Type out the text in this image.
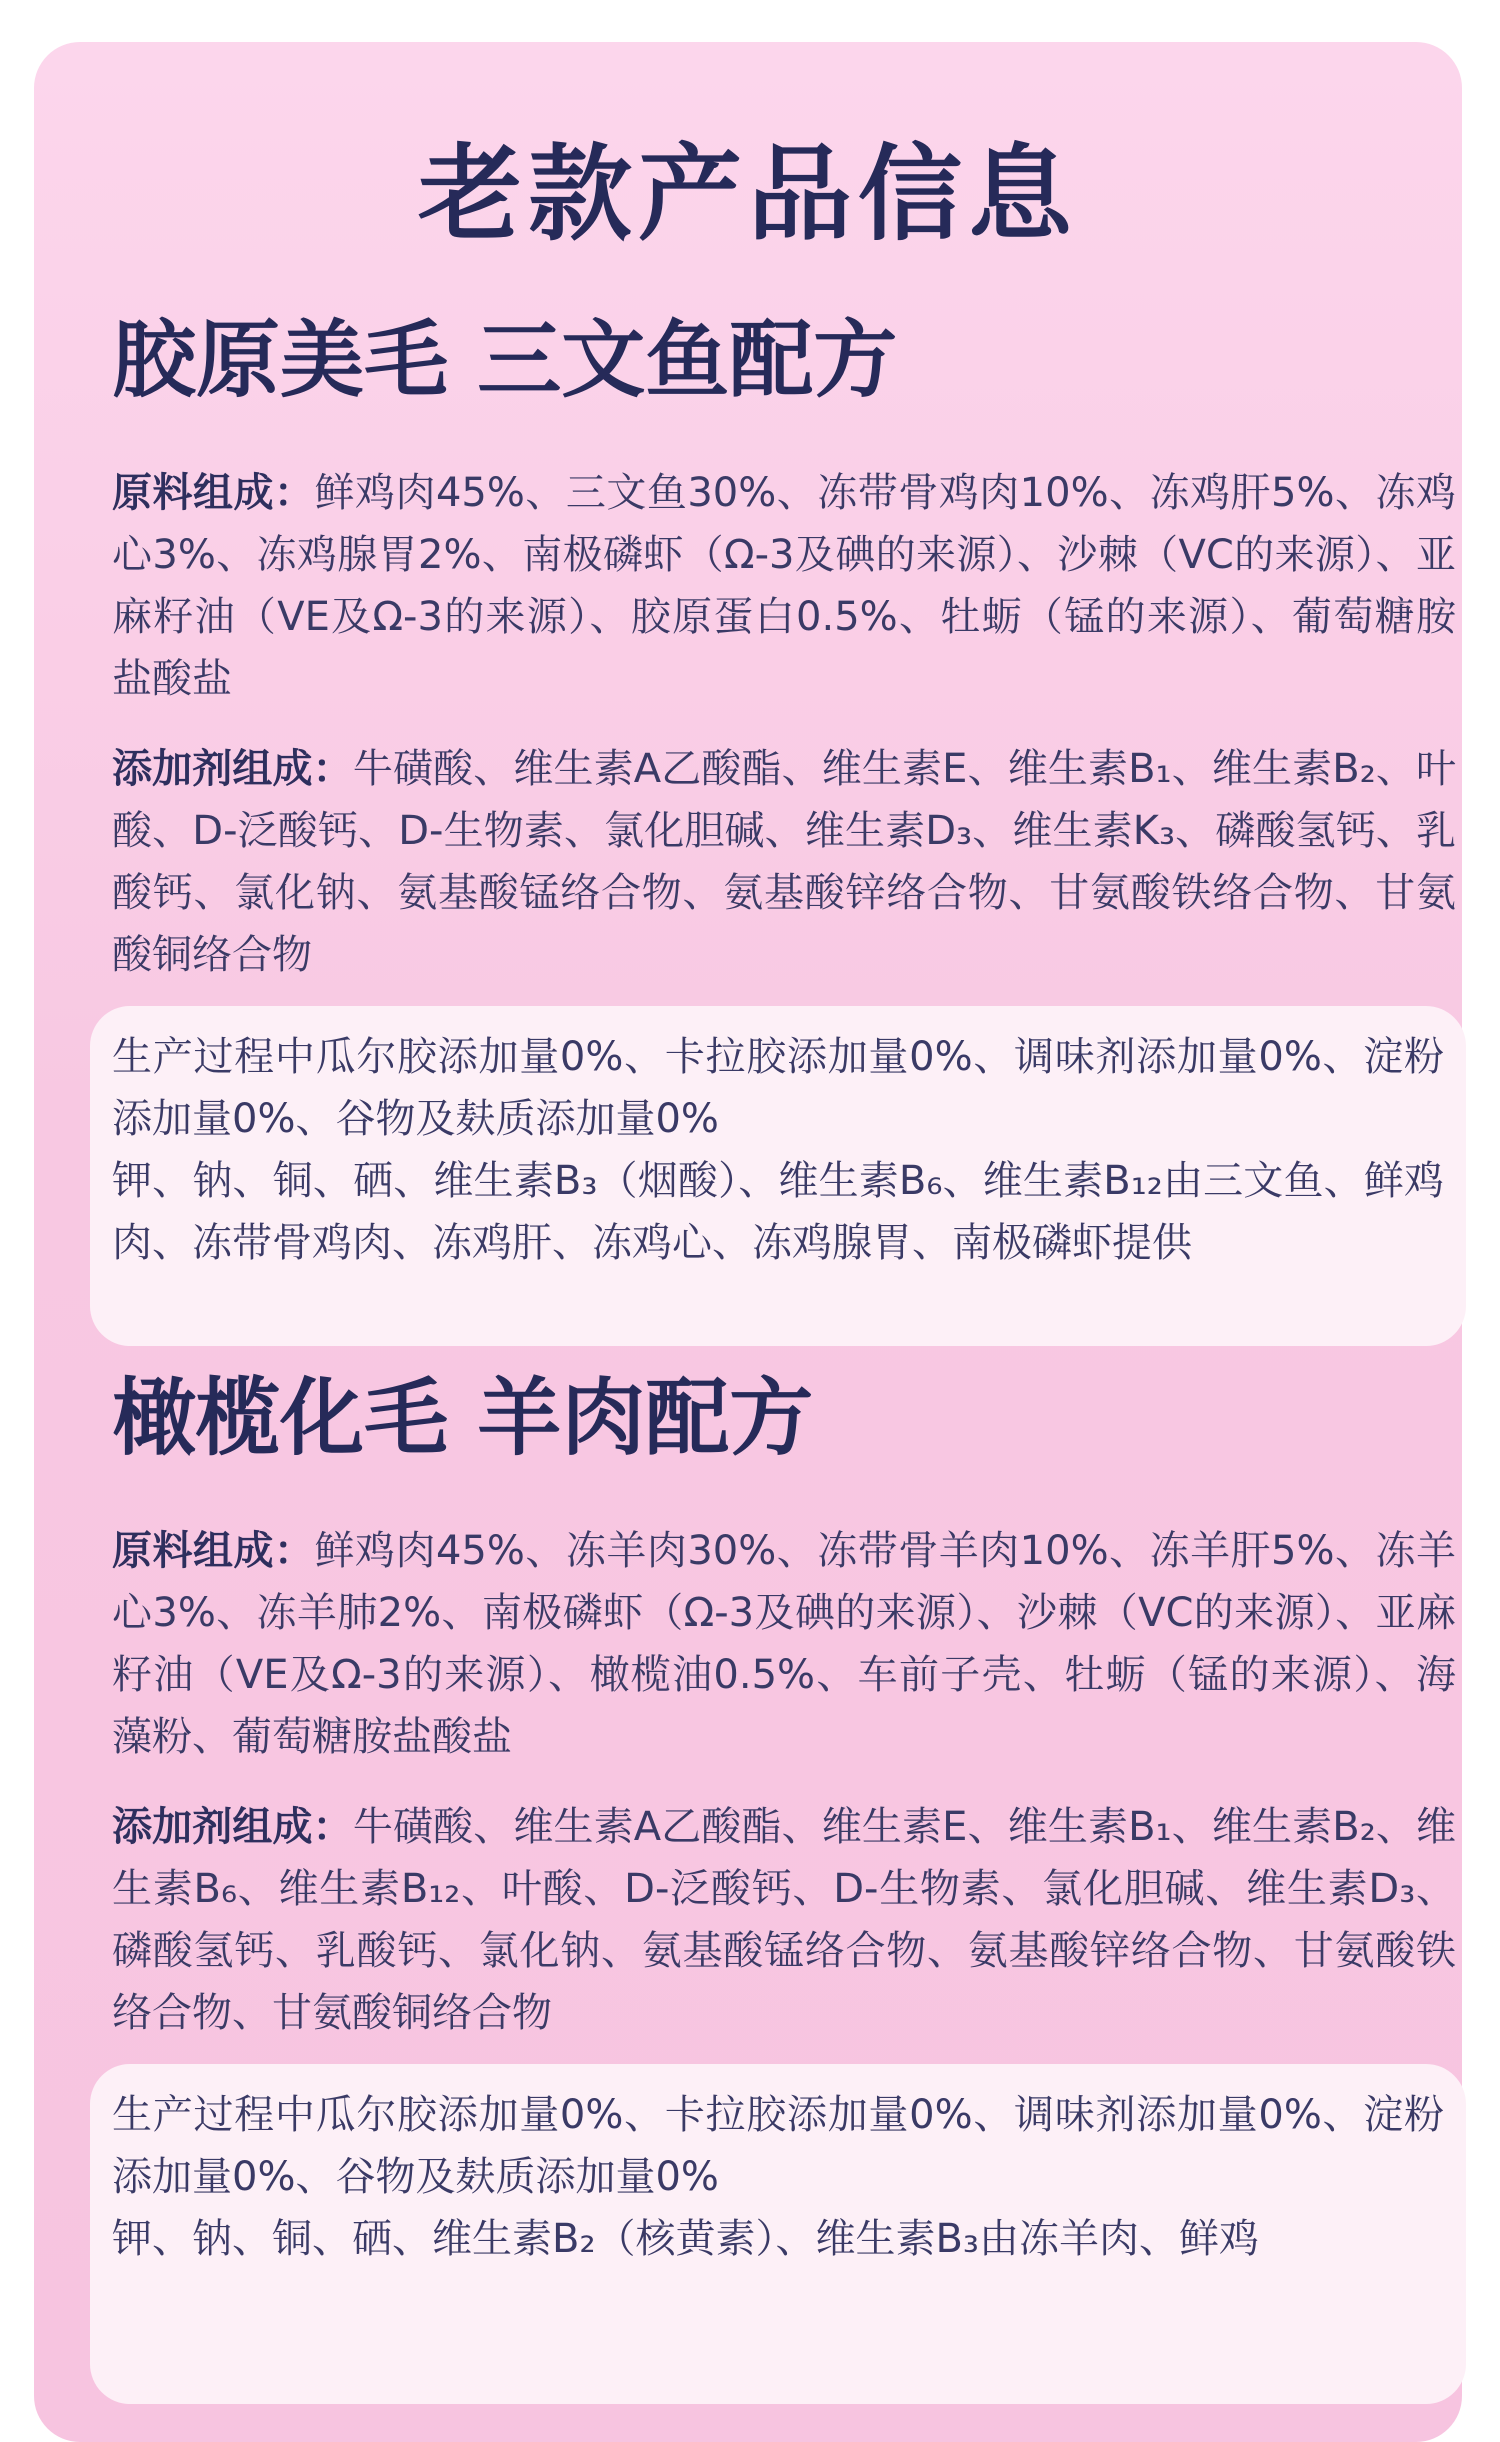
老款产品信息
胶原美毛 三文鱼配方

原料组成：鲜鸡肉45%、三文鱼30%、冻带骨鸡肉10%、冻鸡肝5%、冻鸡心3%、冻鸡腺胃2%、南极磷虾（Ω-3及碘的来源）、沙棘（VC的来源）、亚麻籽油（VE及Ω-3的来源）、胶原蛋白0.5%、牡蛎（锰的来源）、葡萄糖胺盐酸盐

添加剂组成：牛磺酸、维生素A乙酸酯、维生素E、维生素B₁、维生素B₂、叶酸、D-泛酸钙、D-生物素、氯化胆碱、维生素D₃、维生素K₃、磷酸氢钙、乳酸钙、氯化钠、氨基酸锰络合物、氨基酸锌络合物、甘氨酸铁络合物、甘氨酸铜络合物

生产过程中瓜尔胶添加量0%、卡拉胶添加量0%、调味剂添加量0%、淀粉添加量0%、谷物及麸质添加量0%

钾、钠、铜、硒、维生素B₃（烟酸）、维生素B₆、维生素B₁₂由三文鱼、鲜鸡肉、冻带骨鸡肉、冻鸡肝、冻鸡心、冻鸡腺胃、南极磷虾提供

橄榄化毛 羊肉配方

原料组成：鲜鸡肉45%、冻羊肉30%、冻带骨羊肉10%、冻羊肝5%、冻羊心3%、冻羊肺2%、南极磷虾（Ω-3及碘的来源）、沙棘（VC的来源）、亚麻籽油（VE及Ω-3的来源）、橄榄油0.5%、车前子壳、牡蛎（锰的来源）、海藻粉、葡萄糖胺盐酸盐

添加剂组成：牛磺酸、维生素A乙酸酯、维生素E、维生素B₁、维生素B₂、维生素B₆、维生素B₁₂、叶酸、D-泛酸钙、D-生物素、氯化胆碱、维生素D₃、磷酸氢钙、乳酸钙、氯化钠、氨基酸锰络合物、氨基酸锌络合物、甘氨酸铁络合物、甘氨酸铜络合物

生产过程中瓜尔胶添加量0%、卡拉胶添加量0%、调味剂添加量0%、淀粉添加量0%、谷物及麸质添加量0%

钾、钠、铜、硒、维生素B₂（核黄素）、维生素B₃由冻羊肉、鲜鸡
